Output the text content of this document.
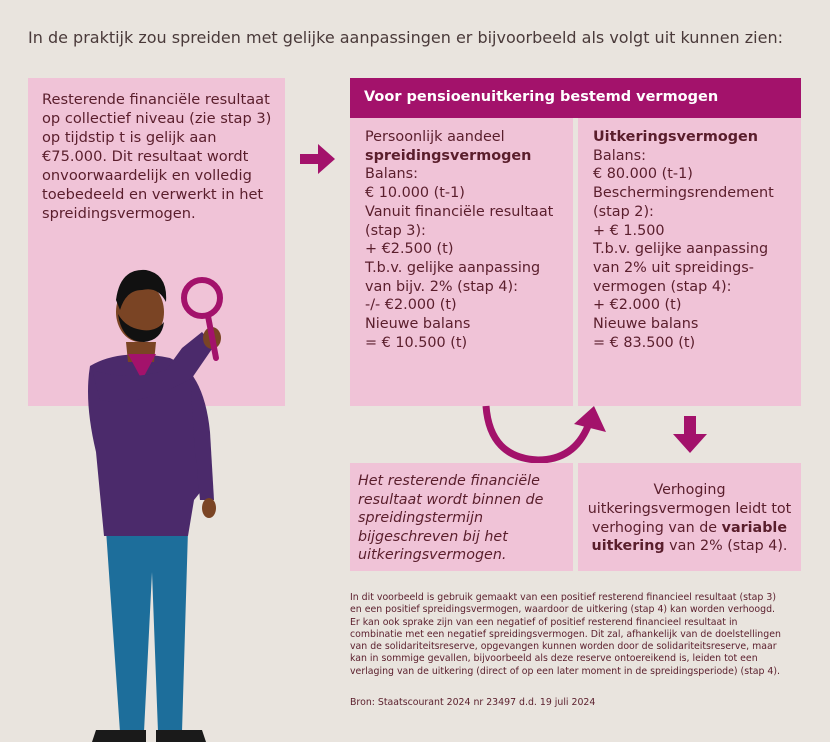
In de praktijk zou spreiden met gelijke aanpassingen er bijvoorbeeld als volgt uit kunnen zien:
Resterende financiële resultaat op collectief niveau (zie stap 3) op tijdstip t is gelijk aan €75.000. Dit resultaat wordt onvoorwaardelijk en volledig toebedeeld en verwerkt in het spreidingsvermogen.
Voor pensioenuitkering bestemd vermogen
Persoonlijk aandeel
spreidingsvermogen
Balans:
€ 10.000 (t-1)
Vanuit financiële resultaat
(stap 3):
+ €2.500 (t)
T.b.v. gelijke aanpassing
van bijv. 2% (stap 4):
-/- €2.000 (t)
Nieuwe balans
= € 10.500 (t)
Uitkeringsvermogen
Balans:
€ 80.000 (t-1)
Beschermingsrendement
(stap 2):
+ € 1.500
T.b.v. gelijke aanpassing
van 2% uit spreidings-
vermogen (stap 4):
+ €2.000 (t)
Nieuwe balans
= € 83.500 (t)
Het resterende financiële resultaat wordt binnen de spreidingstermijn bijgeschreven bij het uitkeringsvermogen.
Verhoging
uitkeringsvermogen leidt tot
verhoging van de variable
uitkering van 2% (stap 4).
In dit voorbeeld is gebruik gemaakt van een positief resterend financieel resultaat (stap 3)
en een positief spreidingsvermogen, waardoor de uitkering (stap 4) kan worden verhoogd.
Er kan ook sprake zijn van een negatief of positief resterend financieel resultaat in
combinatie met een negatief spreidingsvermogen. Dit zal, afhankelijk van de doelstellingen
van de solidariteitsreserve, opgevangen kunnen worden door de solidariteitsreserve, maar
kan in sommige gevallen, bijvoorbeeld als deze reserve ontoereikend is, leiden tot een
verlaging van de uitkering (direct of op een later moment in de spreidingsperiode) (stap 4).
Bron: Staatscourant 2024 nr 23497 d.d. 19 juli 2024
